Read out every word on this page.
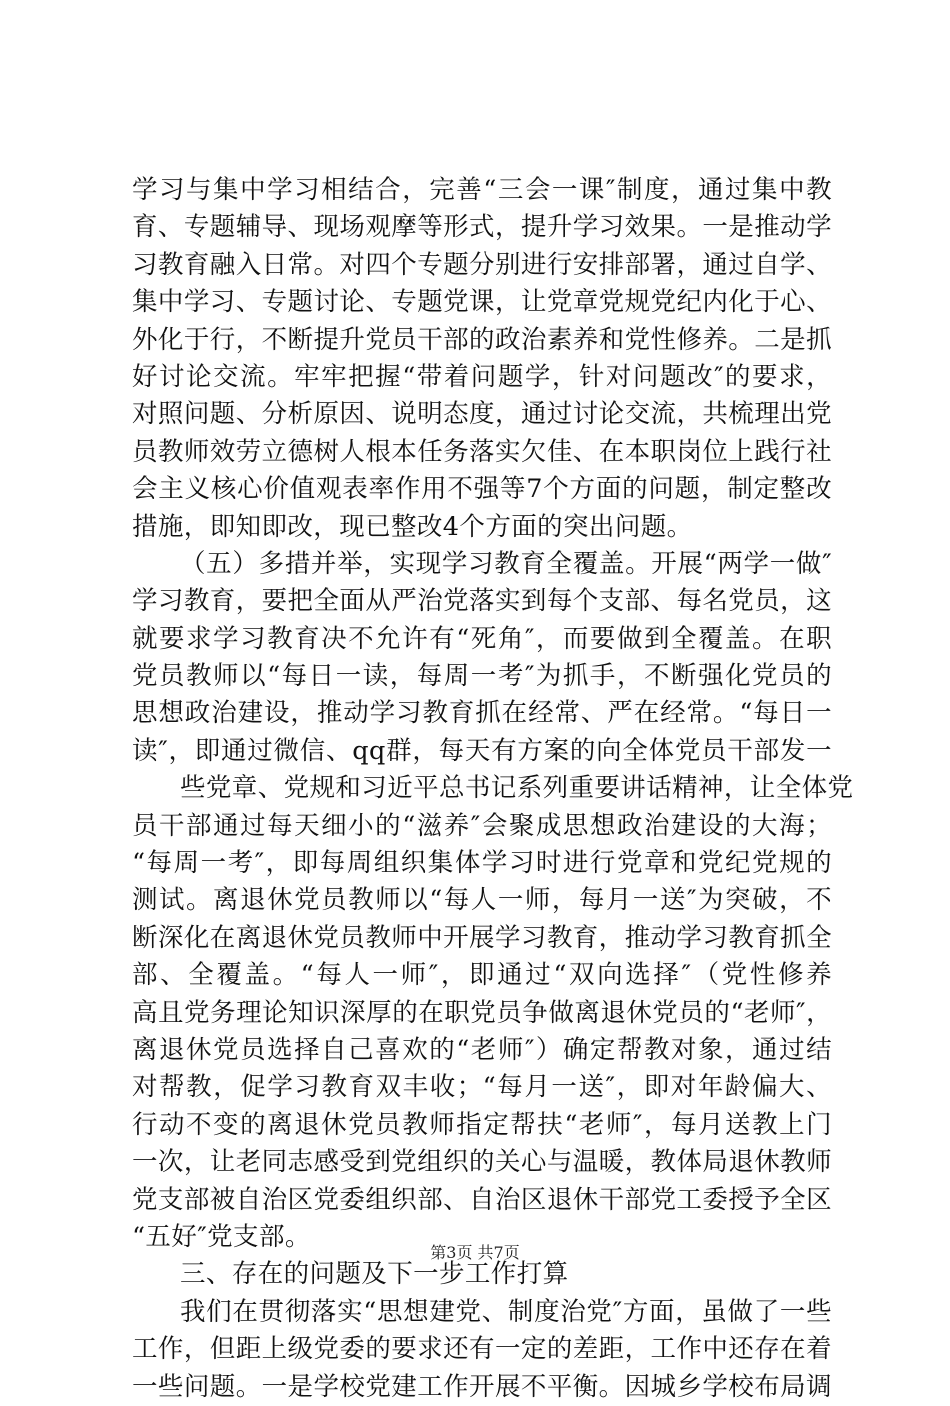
学习与集中学习相结合，完善“三会一课″制度，通过集中教
育、专题辅导、现场观摩等形式，提升学习效果。一是推动学
习教育融入日常。对四个专题分别进行安排部署，通过自学、
集中学习、专题讨论、专题党课，让党章党规党纪内化于心、
外化于行，不断提升党员干部的政治素养和党性修养。二是抓
好讨论交流。牢牢把握“带着问题学，针对问题改″的要求，
对照问题、分析原因、说明态度，通过讨论交流，共梳理出党
员教师效劳立德树人根本任务落实欠佳、在本职岗位上践行社
会主义核心价值观表率作用不强等7个方面的问题，制定整改
措施，即知即改，现已整改4个方面的突出问题。
（五）多措并举，实现学习教育全覆盖。开展“两学一做″
学习教育，要把全面从严治党落实到每个支部、每名党员，这
就要求学习教育决不允许有“死角″，而要做到全覆盖。在职
党员教师以“每日一读，每周一考″为抓手，不断强化党员的
思想政治建设，推动学习教育抓在经常、严在经常。“每日一
读″，即通过微信、qq群，每天有方案的向全体党员干部发一
些党章、党规和习近平总书记系列重要讲话精神，让全体党
员干部通过每天细小的“滋养″会聚成思想政治建设的大海；
“每周一考″，即每周组织集体学习时进行党章和党纪党规的
测试。离退休党员教师以“每人一师，每月一送″为突破，不
断深化在离退休党员教师中开展学习教育，推动学习教育抓全
部、全覆盖。“每人一师″，即通过“双向选择″（党性修养
高且党务理论知识深厚的在职党员争做离退休党员的“老师″，
离退休党员选择自己喜欢的“老师″）确定帮教对象，通过结
对帮教，促学习教育双丰收；“每月一送″，即对年龄偏大、
行动不变的离退休党员教师指定帮扶“老师″，每月送教上门
一次，让老同志感受到党组织的关心与温暖，教体局退休教师
党支部被自治区党委组织部、自治区退休干部党工委授予全区
“五好″党支部。
三、存在的问题及下一步工作打算
我们在贯彻落实“思想建党、制度治党″方面，虽做了一些
工作，但距上级党委的要求还有一定的差距，工作中还存在着
一些问题。一是学校党建工作开展不平衡。因城乡学校布局调
第3页 共7页
